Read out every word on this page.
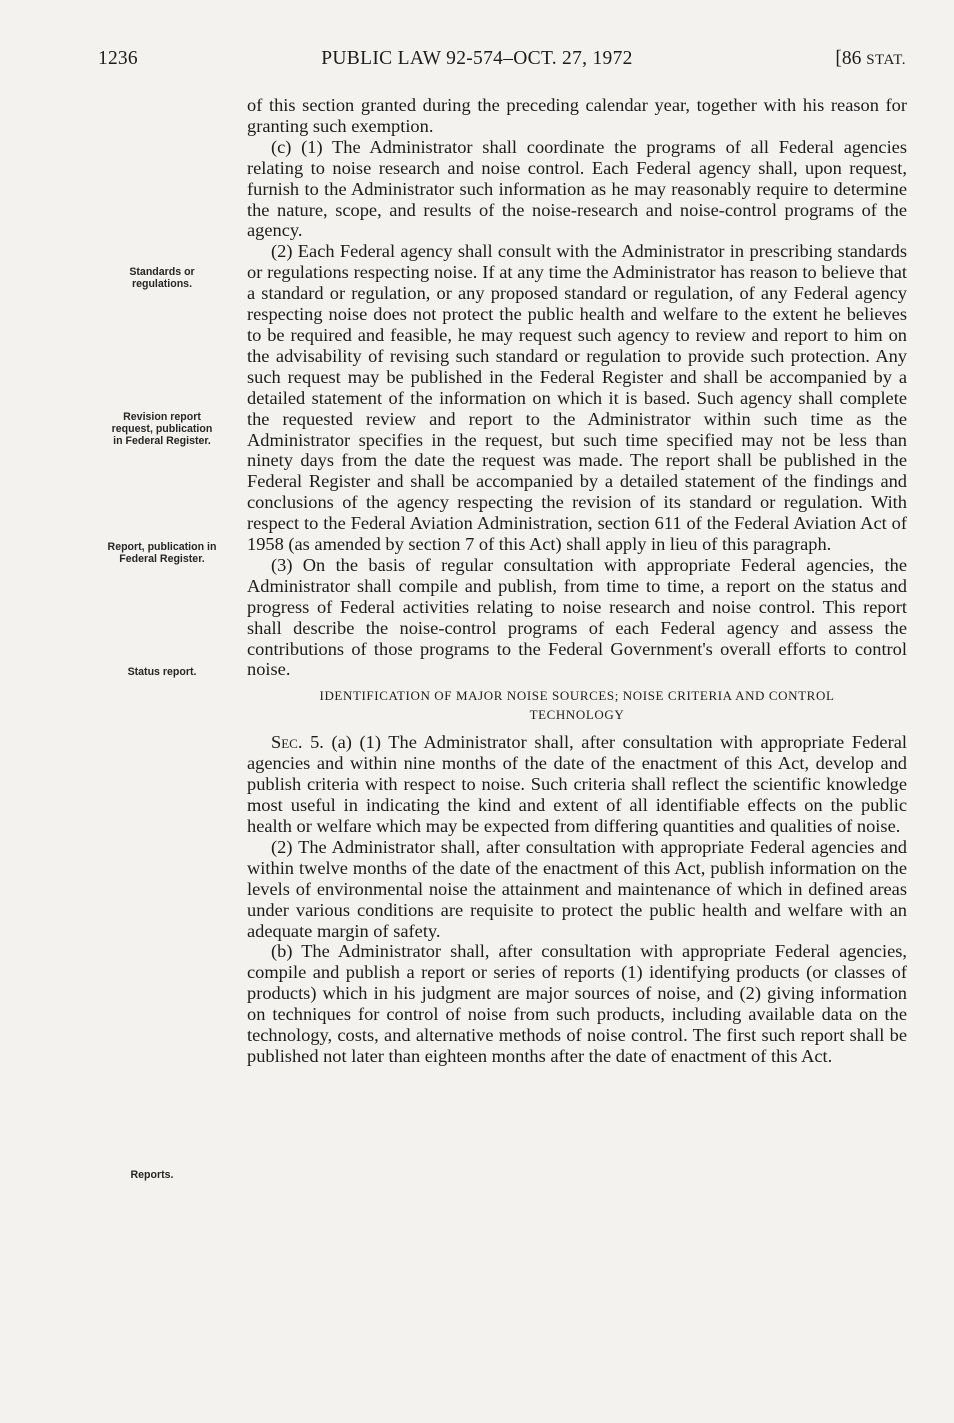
PUBLIC LAW 92-574–OCT. 27, 1972
1236	[86 STAT.
Standards or regulations.
Revision report request, publication in Federal Register.
Report, publication in Federal Register.
Status report.
Reports.

of this section granted during the preceding calendar year, together with his reason for granting such exemption.

(c) (1) The Administrator shall coordinate the programs of all Federal agencies relating to noise research and noise control. Each Federal agency shall, upon request, furnish to the Administrator such information as he may reasonably require to determine the nature, scope, and results of the noise-research and noise-control programs of the agency.

(2) Each Federal agency shall consult with the Administrator in prescribing standards or regulations respecting noise. If at any time the Administrator has reason to believe that a standard or regulation, or any proposed standard or regulation, of any Federal agency respecting noise does not protect the public health and welfare to the extent he believes to be required and feasible, he may request such agency to review and report to him on the advisability of revising such standard or regulation to provide such protection. Any such request may be published in the Federal Register and shall be accompanied by a detailed statement of the information on which it is based. Such agency shall complete the requested review and report to the Administrator within such time as the Administrator specifies in the request, but such time specified may not be less than ninety days from the date the request was made. The report shall be published in the Federal Register and shall be accompanied by a detailed statement of the findings and conclusions of the agency respecting the revision of its standard or regulation. With respect to the Federal Aviation Administration, section 611 of the Federal Aviation Act of 1958 (as amended by section 7 of this Act) shall apply in lieu of this paragraph.

(3) On the basis of regular consultation with appropriate Federal agencies, the Administrator shall compile and publish, from time to time, a report on the status and progress of Federal activities relating to noise research and noise control. This report shall describe the noise-control programs of each Federal agency and assess the contributions of those programs to the Federal Government's overall efforts to control noise.

IDENTIFICATION OF MAJOR NOISE SOURCES; NOISE CRITERIA AND CONTROL
TECHNOLOGY

Sec. 5. (a) (1) The Administrator shall, after consultation with appropriate Federal agencies and within nine months of the date of the enactment of this Act, develop and publish criteria with respect to noise. Such criteria shall reflect the scientific knowledge most useful in indicating the kind and extent of all identifiable effects on the public health or welfare which may be expected from differing quantities and qualities of noise.

(2) The Administrator shall, after consultation with appropriate Federal agencies and within twelve months of the date of the enactment of this Act, publish information on the levels of environmental noise the attainment and maintenance of which in defined areas under various conditions are requisite to protect the public health and welfare with an adequate margin of safety.

(b) The Administrator shall, after consultation with appropriate Federal agencies, compile and publish a report or series of reports (1) identifying products (or classes of products) which in his judgment are major sources of noise, and (2) giving information on techniques for control of noise from such products, including available data on the technology, costs, and alternative methods of noise control. The first such report shall be published not later than eighteen months after the date of enactment of this Act.
